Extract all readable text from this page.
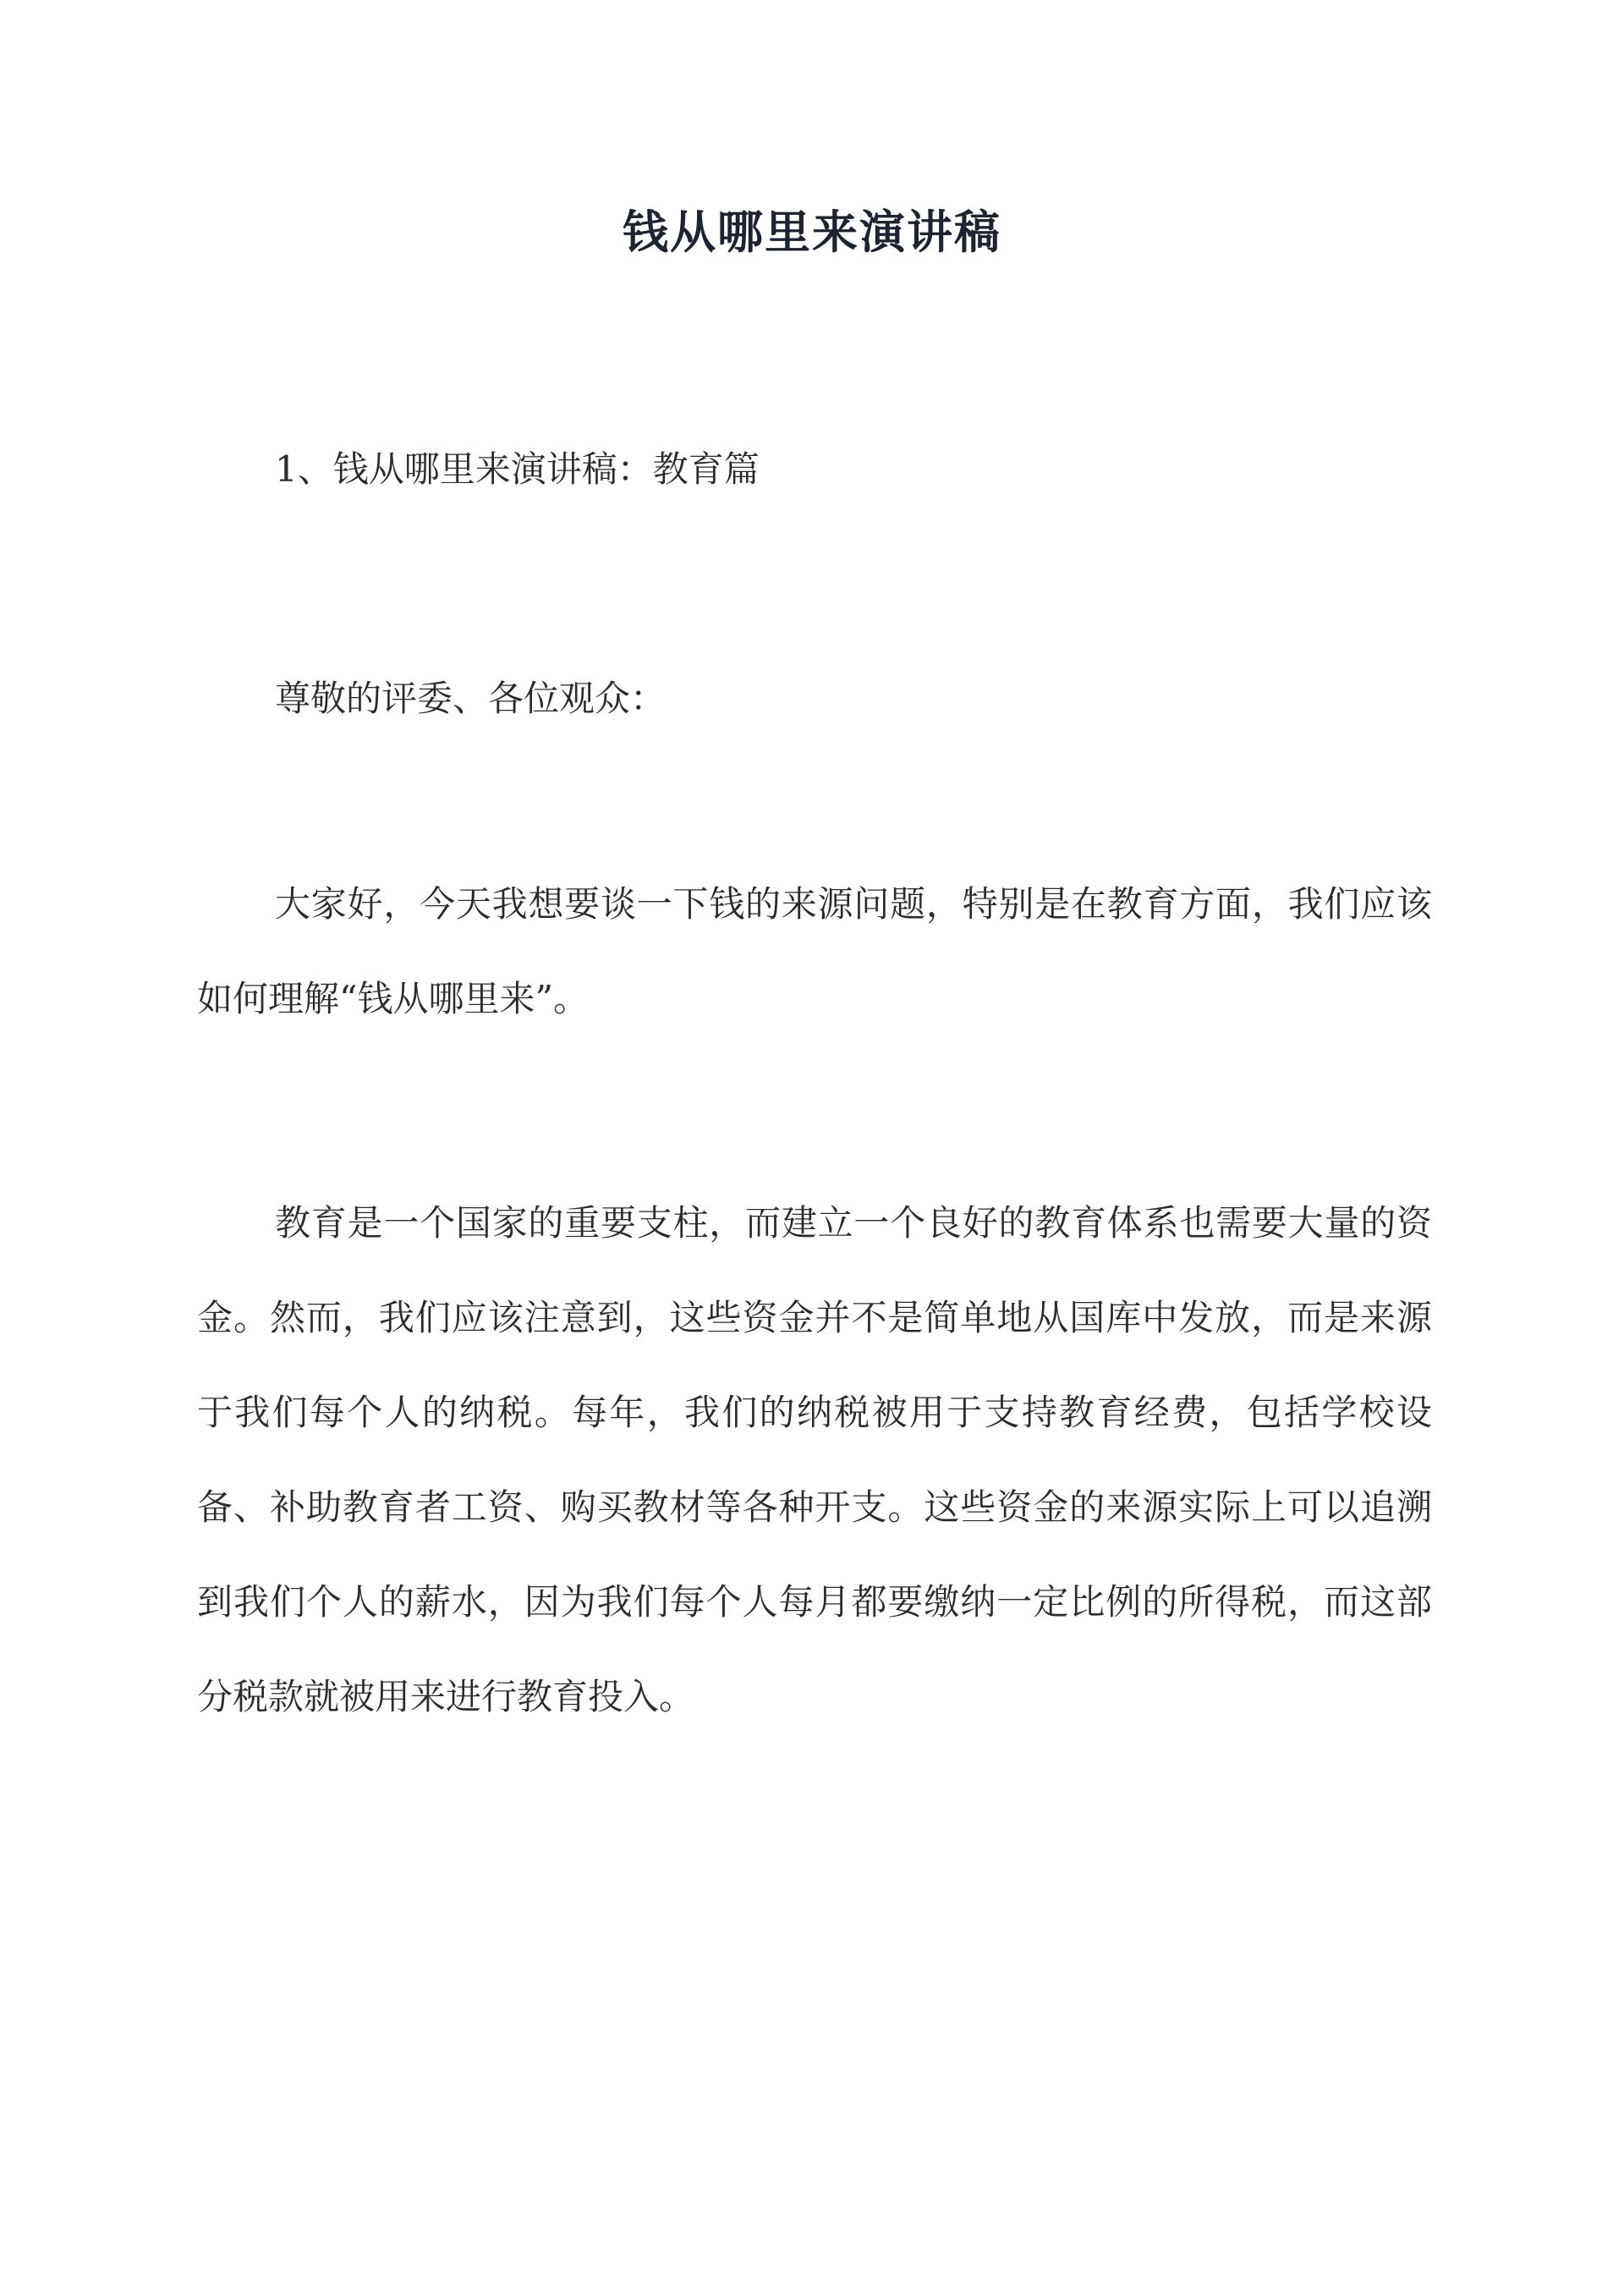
钱从哪里来演讲稿

1、钱从哪里来演讲稿：教育篇

尊敬的评委、各位观众：

大家好，今天我想要谈一下钱的来源问题，特别是在教育方面，我们应该如何理解“钱从哪里来”。

教育是一个国家的重要支柱，而建立一个良好的教育体系也需要大量的资金。然而，我们应该注意到，这些资金并不是简单地从国库中发放，而是来源于我们每个人的纳税。每年，我们的纳税被用于支持教育经费，包括学校设备、补助教育者工资、购买教材等各种开支。这些资金的来源实际上可以追溯到我们个人的薪水，因为我们每个人每月都要缴纳一定比例的所得税，而这部分税款就被用来进行教育投入。
